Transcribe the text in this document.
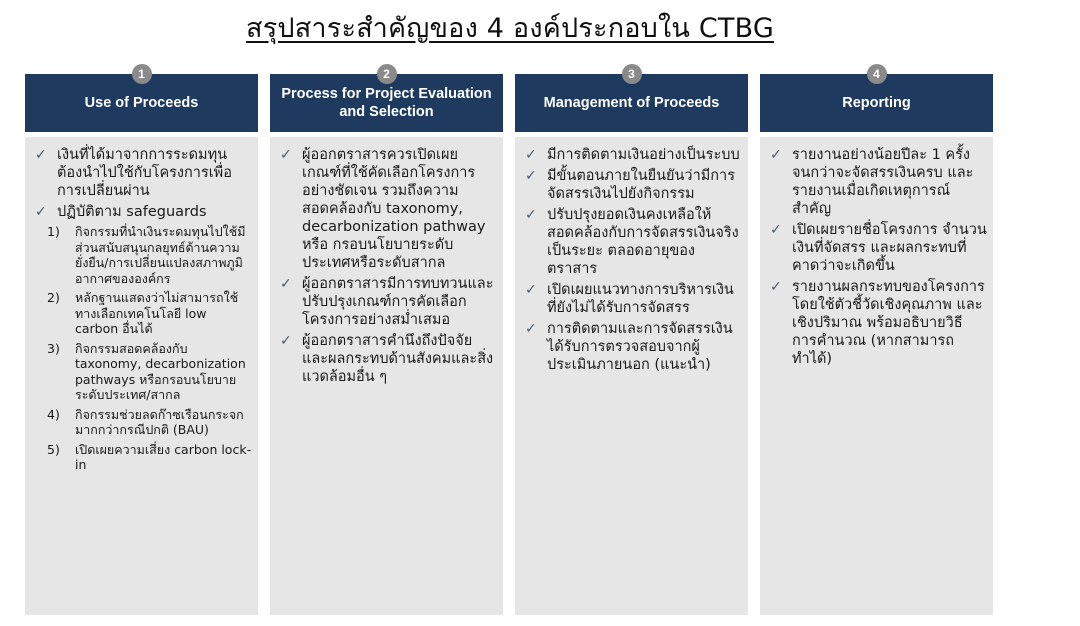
สรุปสาระสำคัญของ 4 องค์ประกอบใน CTBG
1
Use of Proceeds
✓ เงินที่ได้มาจากการระดมทุนต้องนำไปใช้กับโครงการเพื่อการเปลี่ยนผ่าน
✓ ปฏิบัติตาม safeguards
1) กิจกรรมที่นำเงินระดมทุนไปใช้มีส่วนสนับสนุนกลยุทธ์ด้านความยั่งยืน/การเปลี่ยนแปลงสภาพภูมิอากาศขององค์กร
2) หลักฐานแสดงว่าไม่สามารถใช้ทางเลือกเทคโนโลยี low carbon อื่นได้
3) กิจกรรมสอดคล้องกับ taxonomy, decarbonization pathways หรือกรอบนโยบายระดับประเทศ/สากล
4) กิจกรรมช่วยลดก๊าซเรือนกระจกมากกว่ากรณีปกติ (BAU)
5) เปิดเผยความเสี่ยง carbon lock-in
2
Process for Project Evaluation and Selection
✓ ผู้ออกตราสารควรเปิดเผยเกณฑ์ที่ใช้คัดเลือกโครงการอย่างชัดเจน รวมถึงความสอดคล้องกับ taxonomy, decarbonization pathway หรือ กรอบนโยบายระดับประเทศหรือระดับสากล
✓ ผู้ออกตราสารมีการทบทวนและปรับปรุงเกณฑ์การคัดเลือกโครงการอย่างสม่ำเสมอ
✓ ผู้ออกตราสารคำนึงถึงปัจจัยและผลกระทบด้านสังคมและสิ่งแวดล้อมอื่น ๆ
3
Management of Proceeds
✓ มีการติดตามเงินอย่างเป็นระบบ
✓ มีขั้นตอนภายในยืนยันว่ามีการจัดสรรเงินไปยังกิจกรรม
✓ ปรับปรุงยอดเงินคงเหลือให้สอดคล้องกับการจัดสรรเงินจริงเป็นระยะ ตลอดอายุของตราสาร
✓ เปิดเผยแนวทางการบริหารเงินที่ยังไม่ได้รับการจัดสรร
✓ การติดตามและการจัดสรรเงินได้รับการตรวจสอบจากผู้ประเมินภายนอก (แนะนำ)
4
Reporting
✓ รายงานอย่างน้อยปีละ 1 ครั้งจนกว่าจะจัดสรรเงินครบ และรายงานเมื่อเกิดเหตุการณ์สำคัญ
✓ เปิดเผยรายชื่อโครงการ จำนวนเงินที่จัดสรร และผลกระทบที่คาดว่าจะเกิดขึ้น
✓ รายงานผลกระทบของโครงการ โดยใช้ตัวชี้วัดเชิงคุณภาพ และเชิงปริมาณ พร้อมอธิบายวิธีการคำนวณ (หากสามารถทำได้)
